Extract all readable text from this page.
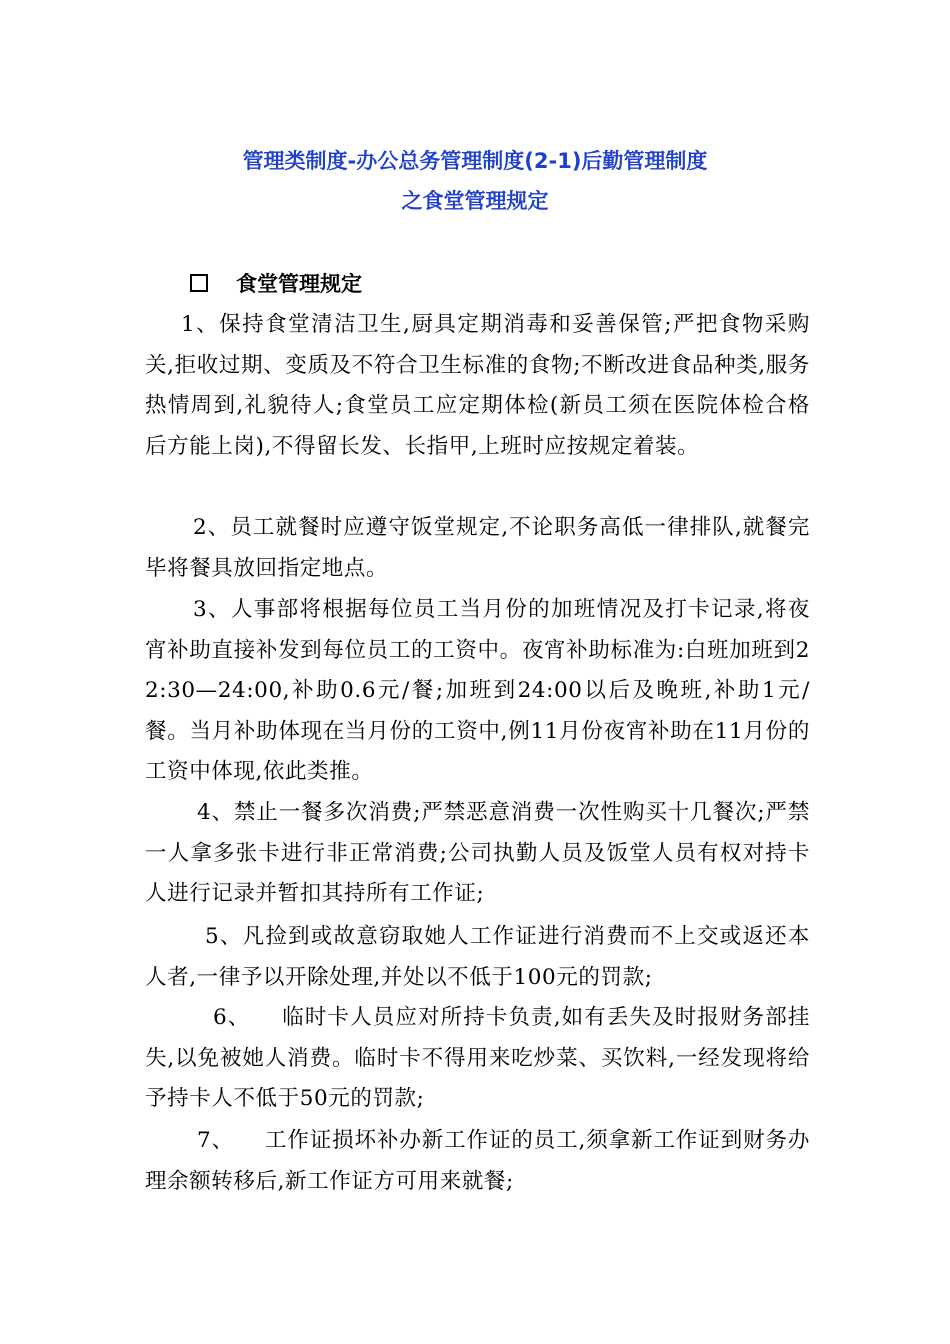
管理类制度-办公总务管理制度(2-1)后勤管理制度
之食堂管理规定
食堂管理规定

1、保持食堂清洁卫生,厨具定期消毒和妥善保管;严把食物采购关,拒收过期、变质及不符合卫生标准的食物;不断改进食品种类,服务热情周到,礼貌待人;食堂员工应定期体检(新员工须在医院体检合格后方能上岗),不得留长发、长指甲,上班时应按规定着装。

2、员工就餐时应遵守饭堂规定,不论职务高低一律排队,就餐完毕将餐具放回指定地点。

3、人事部将根据每位员工当月份的加班情况及打卡记录,将夜宵补助直接补发到每位员工的工资中。夜宵补助标准为:白班加班到22:30—24:00,补助0.6元/餐;加班到24:00以后及晚班,补助1元/餐。当月补助体现在当月份的工资中,例11月份夜宵补助在11月份的工资中体现,依此类推。

4、禁止一餐多次消费;严禁恶意消费一次性购买十几餐次;严禁一人拿多张卡进行非正常消费;公司执勤人员及饭堂人员有权对持卡人进行记录并暂扣其持所有工作证;

5、凡捡到或故意窃取她人工作证进行消费而不上交或返还本人者,一律予以开除处理,并处以不低于100元的罚款;

6、    临时卡人员应对所持卡负责,如有丢失及时报财务部挂失,以免被她人消费。临时卡不得用来吃炒菜、买饮料,一经发现将给予持卡人不低于50元的罚款;

7、    工作证损坏补办新工作证的员工,须拿新工作证到财务办理余额转移后,新工作证方可用来就餐;
